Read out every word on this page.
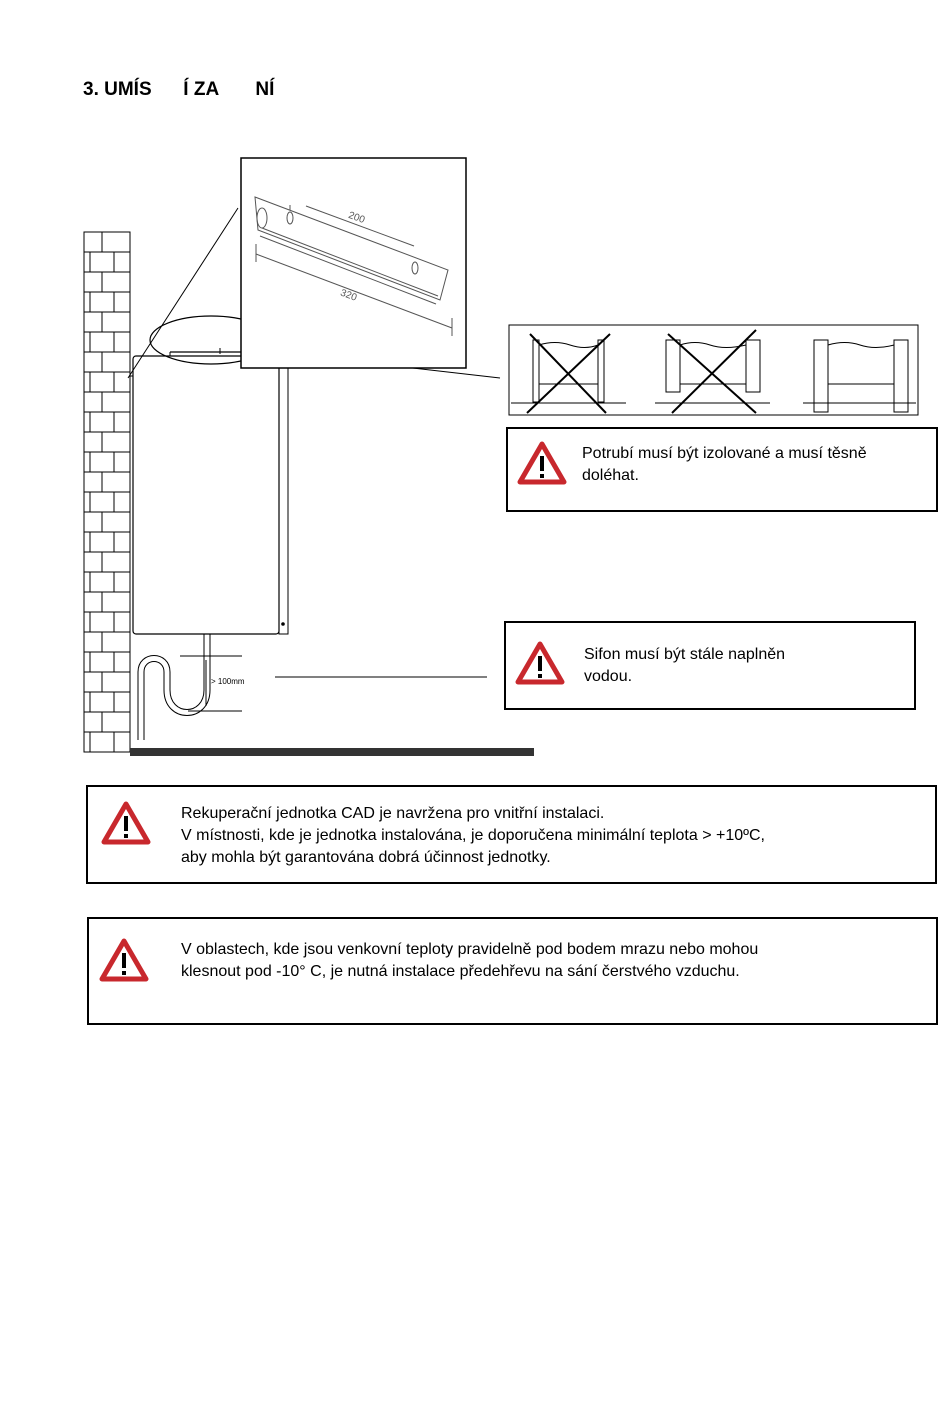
3. UMÍS      Í ZA       NÍ
200
320
> 100mm
Potrubí musí být izolované a musí těsně
doléhat.
Sifon musí být stále naplněn
vodou.
Rekuperační jednotka CAD je navržena pro vnitřní instalaci.
V místnosti, kde je jednotka instalována, je doporučena minimální teplota > +10ºC,
aby mohla být garantována dobrá účinnost jednotky.
V oblastech, kde jsou venkovní teploty pravidelně pod bodem mrazu nebo mohou
klesnout pod -10° C, je nutná instalace předehřevu na sání čerstvého vzduchu.
